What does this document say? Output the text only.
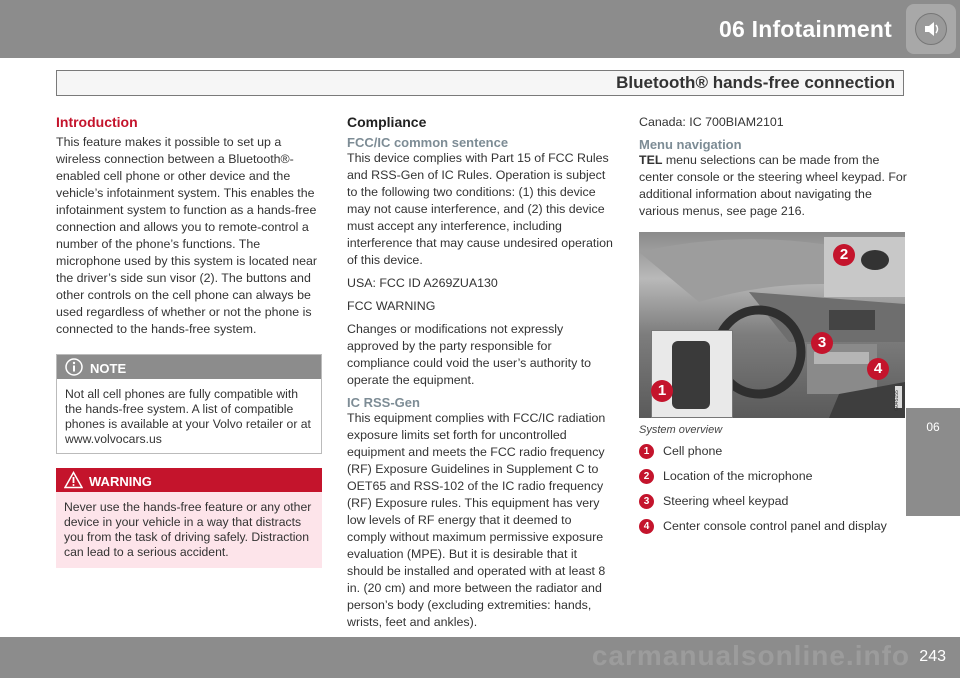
06 Infotainment
Bluetooth® hands-free connection
06
Introduction

This feature makes it possible to set up a wireless connection between a Bluetooth®-enabled cell phone or other device and the vehicle’s infotainment system. This enables the infotainment system to function as a hands-free connection and allows you to remote-control a number of the phone’s functions. The microphone used by this system is located near the driver’s side sun visor (2). The buttons and other controls on the cell phone can always be used regardless of whether or not the phone is connected to the hands-free system.

NOTE
Not all cell phones are fully compatible with the hands-free system. A list of compatible phones is available at your Volvo retailer or at www.volvocars.us
WARNING
Never use the hands-free feature or any other device in your vehicle in a way that distracts you from the task of driving safely. Distraction can lead to a serious accident.
Compliance
FCC/IC common sentence

This device complies with Part 15 of FCC Rules and RSS-Gen of IC Rules. Operation is subject to the following two conditions: (1) this device may not cause interference, and (2) this device must accept any interference, including interference that may cause undesired operation of this device.

USA: FCC ID A269ZUA130

FCC WARNING

Changes or modifications not expressly approved by the party responsible for compliance could void the user’s authority to operate the equipment.

IC RSS-Gen

This equipment complies with FCC/IC radiation exposure limits set forth for uncontrolled equipment and meets the FCC radio frequency (RF) Exposure Guidelines in Supplement C to OET65 and RSS-102 of the IC radio frequency (RF) Exposure rules. This equipment has very low levels of RF energy that it deemed to comply without maximum permissive exposure evaluation (MPE). But it is desirable that it should be installed and operated with at least 8 in. (20 cm) and more between the radiator and person’s body (excluding extremities: hands, wrists, feet and ankles).

Canada: IC 700BIAM2101

Menu navigation

TEL menu selections can be made from the center console or the steering wheel keypad. For additional information about navigating the various menus, see page 216.

1
2
3
4
G045155
System overview
1	Cell phone
2	Location of the microphone
3	Steering wheel keypad
4	Center console control panel and display
243
carmanualsonline.info
